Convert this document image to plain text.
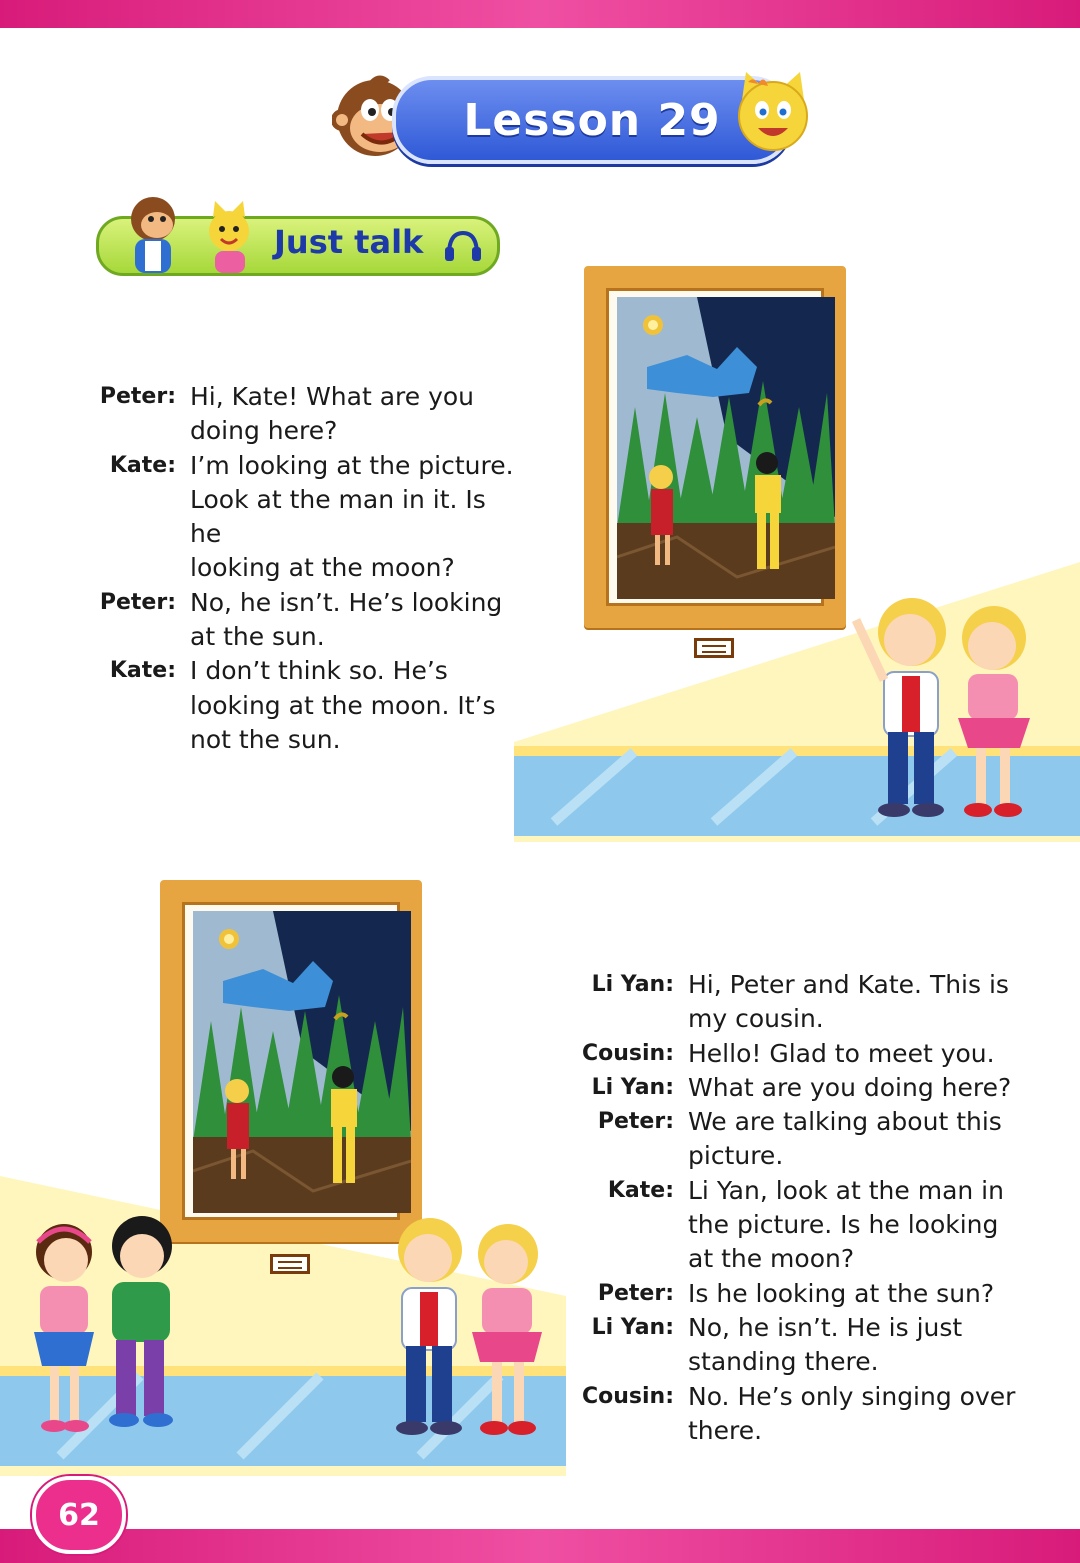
Lesson 29
Just talk
Peter: Hi, Kate! What are you
doing here?
Kate: I’m looking at the picture.
Look at the man in it. Is he
looking at the moon?
Peter: No, he isn’t. He’s looking
at the sun.
Kate: I don’t think so. He’s
looking at the moon. It’s
not the sun.
Li Yan: Hi, Peter and Kate. This is
my cousin.
Cousin: Hello! Glad to meet you.
Li Yan: What are you doing here?
Peter: We are talking about this
picture.
Kate: Li Yan, look at the man in
the picture. Is he looking
at the moon?
Peter: Is he looking at the sun?
Li Yan: No, he isn’t. He is just
standing there.
Cousin: No. He’s only singing over
there.
62
